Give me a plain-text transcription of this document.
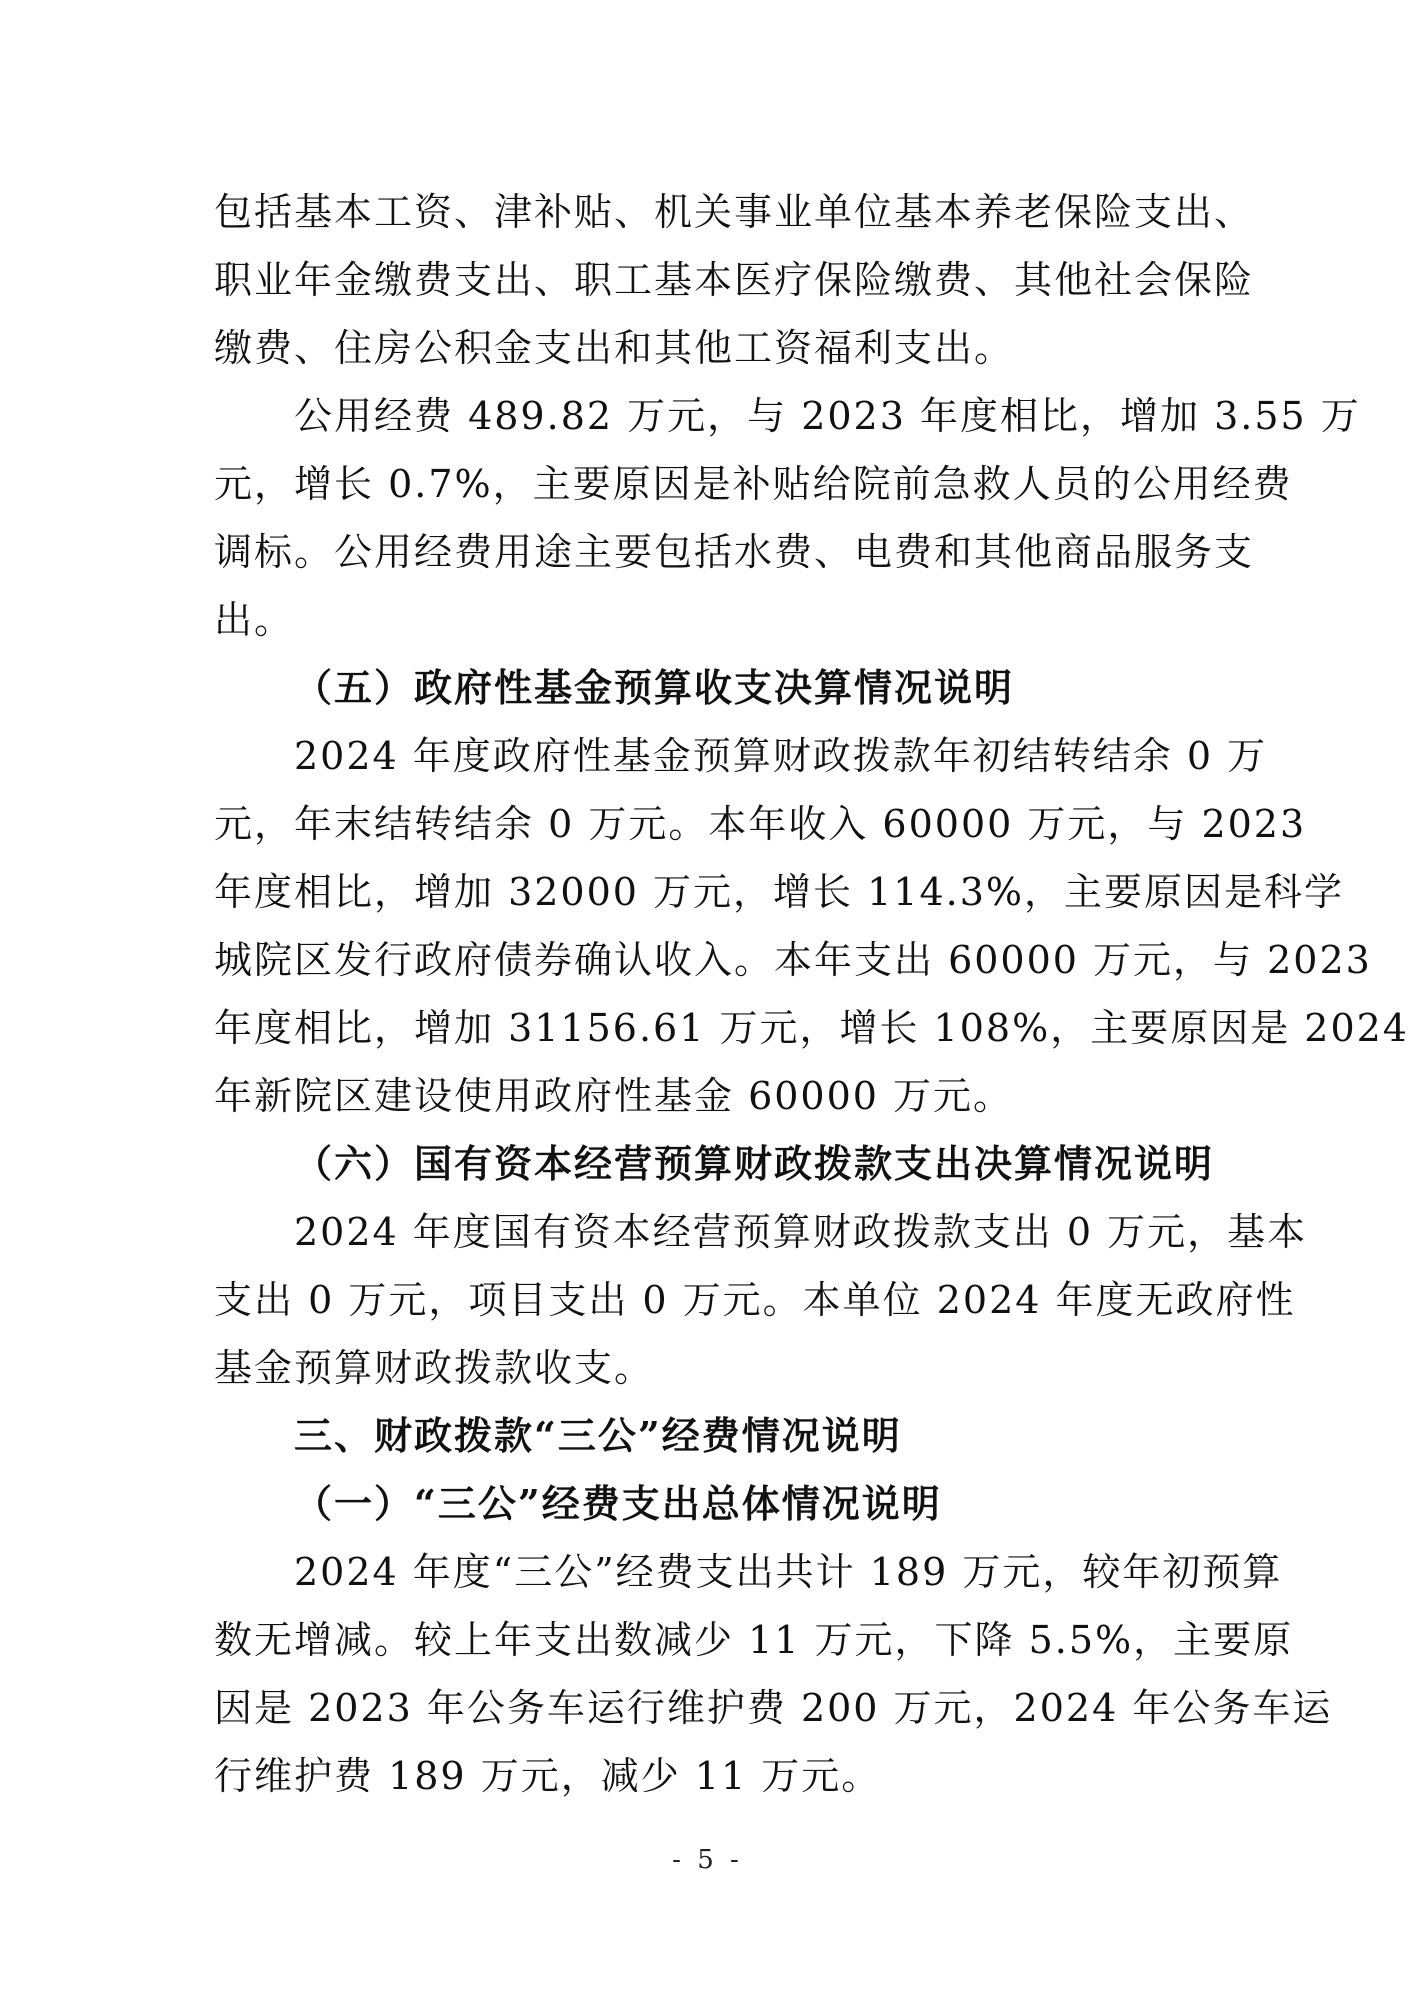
包括基本工资、津补贴、机关事业单位基本养老保险支出、
职业年金缴费支出、职工基本医疗保险缴费、其他社会保险
缴费、住房公积金支出和其他工资福利支出。
公用经费 489.82 万元，与 2023 年度相比，增加 3.55 万
元，增长 0.7%，主要原因是补贴给院前急救人员的公用经费
调标。公用经费用途主要包括水费、电费和其他商品服务支
出。
（五）政府性基金预算收支决算情况说明
2024 年度政府性基金预算财政拨款年初结转结余 0 万
元，年末结转结余 0 万元。本年收入 60000 万元，与 2023
年度相比，增加 32000 万元，增长 114.3%，主要原因是科学
城院区发行政府债券确认收入。本年支出 60000 万元，与 2023
年度相比，增加 31156.61 万元，增长 108%，主要原因是 2024
年新院区建设使用政府性基金 60000 万元。
（六）国有资本经营预算财政拨款支出决算情况说明
2024 年度国有资本经营预算财政拨款支出 0 万元，基本
支出 0 万元，项目支出 0 万元。本单位 2024 年度无政府性
基金预算财政拨款收支。
三、财政拨款“三公”经费情况说明
（一）“三公”经费支出总体情况说明
2024 年度“三公”经费支出共计 189 万元，较年初预算
数无增减。较上年支出数减少 11 万元，下降 5.5%，主要原
因是 2023 年公务车运行维护费 200 万元，2024 年公务车运
行维护费 189 万元，减少 11 万元。
- 5 -
